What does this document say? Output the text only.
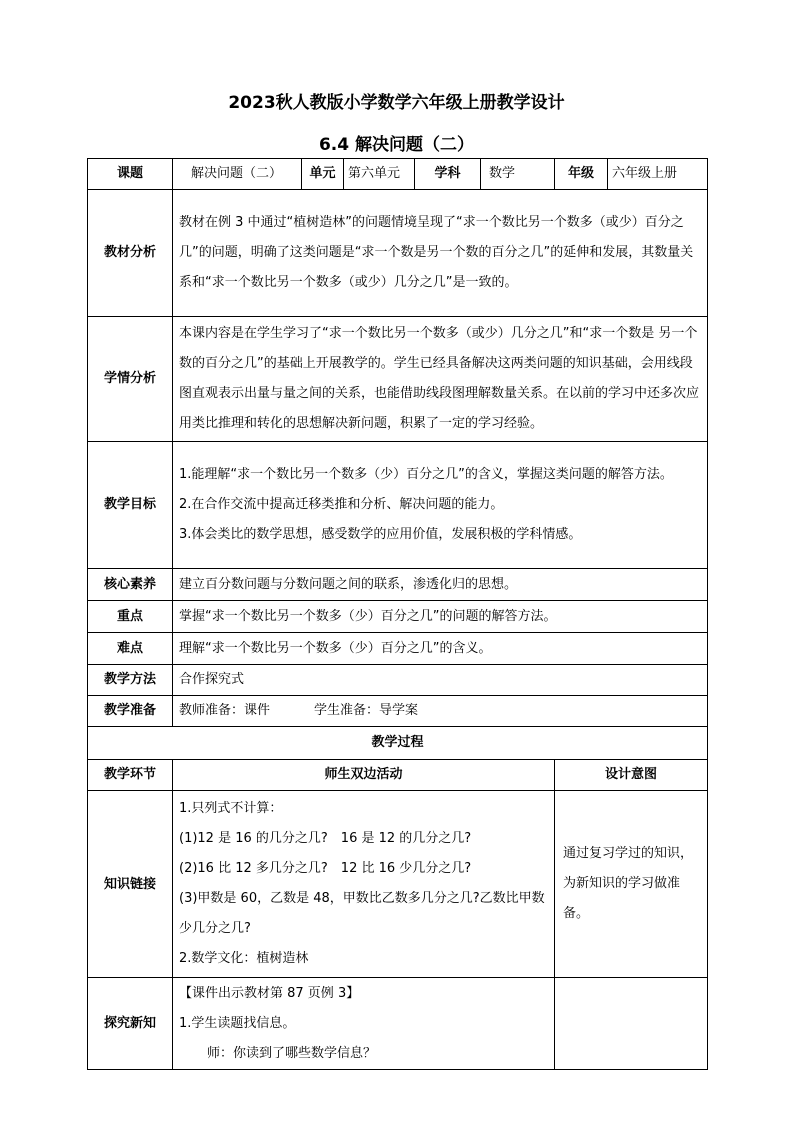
2023秋人教版小学数学六年级上册教学设计
6.4 解决问题（二）
课题	解决问题（二）	单元	第六单元	学科	数学	年级	六年级上册
教材分析	教材在例 3 中通过“植树造林”的问题情境呈现了“求一个数比另一个数多（或少）百分之几”的问题，明确了这类问题是“求一个数是另一个数的百分之几”的延伸和发展，其数量关系和“求一个数比另一个数多（或少）几分之几”是一致的。						
学情分析	本课内容是在学生学习了“求一个数比另一个数多（或少）几分之几”和“求一个数是 另一个数的百分之几”的基础上开展教学的。学生已经具备解决这两类问题的知识基础，会用线段图直观表示出量与量之间的关系，也能借助线段图理解数量关系。在以前的学习中还多次应用类比推理和转化的思想解决新问题，积累了一定的学习经验。						
教学目标	1.能理解“求一个数比另一个数多（少）百分之几”的含义，掌握这类问题的解答方法。
2.在合作交流中提高迁移类推和分析、解决问题的能力。
3.体会类比的数学思想，感受数学的应用价值，发展积极的学科情感。						

核心素养	建立百分数问题与分数问题之间的联系，渗透化归的思想。						
重点	掌握“求一个数比另一个数多（少）百分之几”的问题的解答方法。						
难点	理解“求一个数比另一个数多（少）百分之几”的含义。						
教学方法	合作探究式						
教学准备	教师准备：课件 学生准备：导学案						
教学过程							
教学环节	师生双边活动					设计意图	
知识链接	1.只列式不计算：
(1)12 是 16 的几分之几?　16 是 12 的几分之几?
(2)16 比 12 多几分之几?　12 比 16 少几分之几?
(3)甲数是 60，乙数是 48，甲数比乙数多几分之几?乙数比甲数少几分之几?
2.数学文化：植树造林					通过复习学过的知识，为新知识的学习做准备。	
探究新知	【课件出示教材第 87 页例 3】
1.学生读题找信息。
师：你读到了哪些数学信息？						
